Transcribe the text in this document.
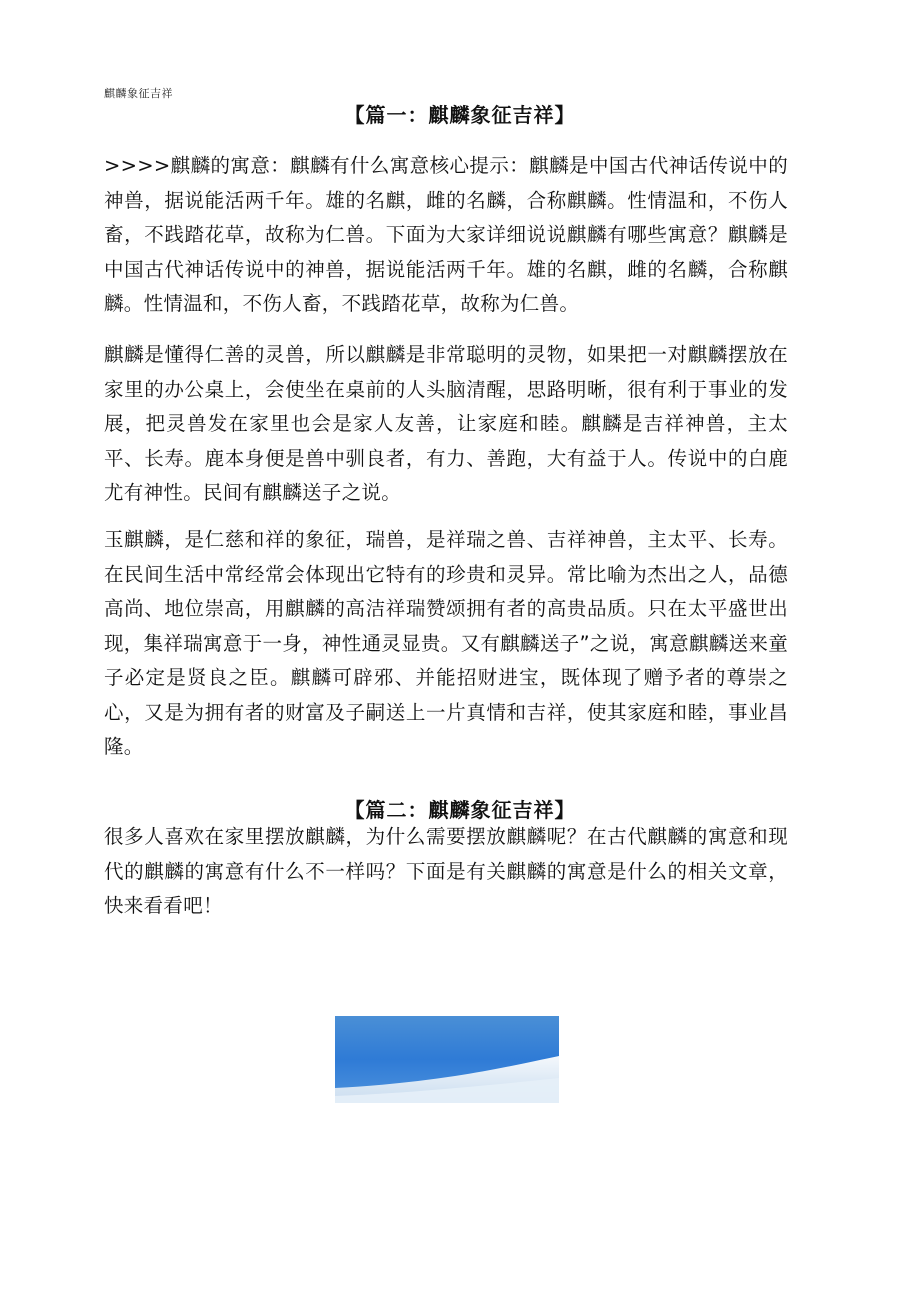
麒麟象征吉祥
【篇一：麒麟象征吉祥】
>>>>麒麟的寓意：麒麟有什么寓意核心提示：麒麟是中国古代神话传说中的神兽，据说能活两千年。雄的名麒，雌的名麟，合称麒麟。性情温和，不伤人畜，不践踏花草，故称为仁兽。下面为大家详细说说麒麟有哪些寓意？麒麟是中国古代神话传说中的神兽，据说能活两千年。雄的名麒，雌的名麟，合称麒麟。性情温和，不伤人畜，不践踏花草，故称为仁兽。
麒麟是懂得仁善的灵兽，所以麒麟是非常聪明的灵物，如果把一对麒麟摆放在家里的办公桌上，会使坐在桌前的人头脑清醒，思路明晰，很有利于事业的发展，把灵兽发在家里也会是家人友善，让家庭和睦。麒麟是吉祥神兽，主太平、长寿。鹿本身便是兽中驯良者，有力、善跑，大有益于人。传说中的白鹿尤有神性。民间有麒麟送子之说。
玉麒麟，是仁慈和祥的象征，瑞兽，是祥瑞之兽、吉祥神兽，主太平、长寿。在民间生活中常经常会体现出它特有的珍贵和灵异。常比喻为杰出之人，品德高尚、地位崇高，用麒麟的高洁祥瑞赞颂拥有者的高贵品质。只在太平盛世出现，集祥瑞寓意于一身，神性通灵显贵。又有麒麟送子”之说，寓意麒麟送来童子必定是贤良之臣。麒麟可辟邪、并能招财进宝，既体现了赠予者的尊崇之心，又是为拥有者的财富及子嗣送上一片真情和吉祥，使其家庭和睦，事业昌隆。
【篇二：麒麟象征吉祥】
很多人喜欢在家里摆放麒麟，为什么需要摆放麒麟呢？在古代麒麟的寓意和现代的麒麟的寓意有什么不一样吗？下面是有关麒麟的寓意是什么的相关文章，快来看看吧！
